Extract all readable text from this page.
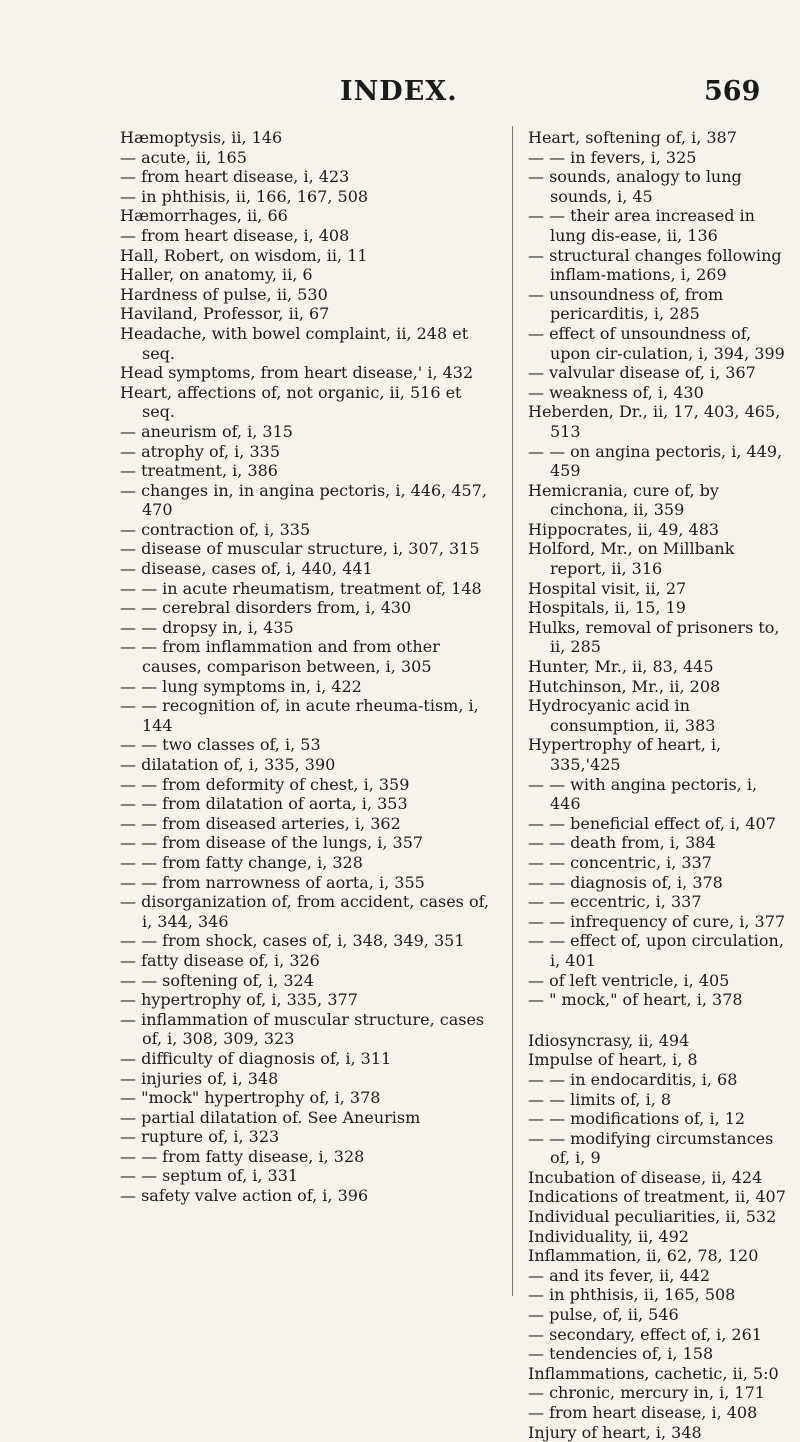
INDEX.	569

Hæmoptysis, ii, 146

— acute, ii, 165

— from heart disease, i, 423

— in phthisis, ii, 166, 167, 508

Hæmorrhages, ii, 66

— from heart disease, i, 408

Hall, Robert, on wisdom, ii, 11

Haller, on anatomy, ii, 6

Hardness of pulse, ii, 530

Haviland, Professor, ii, 67

Headache, with bowel complaint, ii, 248 et seq.

Head symptoms, from heart disease,' i, 432

Heart, affections of, not organic, ii, 516 et seq.

— aneurism of, i, 315

— atrophy of, i, 335

— treatment, i, 386

— changes in, in angina pectoris, i, 446, 457, 470

— contraction of, i, 335

— disease of muscular structure, i, 307, 315

— disease, cases of, i, 440, 441

— — in acute rheumatism, treatment of, 148

— — cerebral disorders from, i, 430

— — dropsy in, i, 435

— — from inflammation and from other causes, comparison between, i, 305

— — lung symptoms in, i, 422

— — recognition of, in acute rheuma-tism, i, 144

— — two classes of, i, 53

— dilatation of, i, 335, 390

— — from deformity of chest, i, 359

— — from dilatation of aorta, i, 353

— — from diseased arteries, i, 362

— — from disease of the lungs, i, 357

— — from fatty change, i, 328

— — from narrowness of aorta, i, 355

— disorganization of, from accident, cases of, i, 344, 346

— — from shock, cases of, i, 348, 349, 351

— fatty disease of, i, 326

— — softening of, i, 324

— hypertrophy of, i, 335, 377

— inflammation of muscular structure, cases of, i, 308, 309, 323

— difficulty of diagnosis of, i, 311

— injuries of, i, 348

— "mock" hypertrophy of, i, 378

— partial dilatation of. See Aneurism

— rupture of, i, 323

— — from fatty disease, i, 328

— — septum of, i, 331

— safety valve action of, i, 396

Heart, softening of, i, 387

— — in fevers, i, 325

— sounds, analogy to lung sounds, i, 45

— — their area increased in lung dis-ease, ii, 136

— structural changes following inflam-mations, i, 269

— unsoundness of, from pericarditis, i, 285

— effect of unsoundness of, upon cir-culation, i, 394, 399

— valvular disease of, i, 367

— weakness of, i, 430

Heberden, Dr., ii, 17, 403, 465, 513

— — on angina pectoris, i, 449, 459

Hemicrania, cure of, by cinchona, ii, 359

Hippocrates, ii, 49, 483

Holford, Mr., on Millbank report, ii, 316

Hospital visit, ii, 27

Hospitals, ii, 15, 19

Hulks, removal of prisoners to, ii, 285

Hunter, Mr., ii, 83, 445

Hutchinson, Mr., ii, 208

Hydrocyanic acid in consumption, ii, 383

Hypertrophy of heart, i, 335,'425

— — with angina pectoris, i, 446

— — beneficial effect of, i, 407

— — death from, i, 384

— — concentric, i, 337

— — diagnosis of, i, 378

— — eccentric, i, 337

— — infrequency of cure, i, 377

— — effect of, upon circulation, i, 401

— of left ventricle, i, 405

— " mock," of heart, i, 378

Idiosyncrasy, ii, 494

Impulse of heart, i, 8

— — in endocarditis, i, 68

— — limits of, i, 8

— — modifications of, i, 12

— — modifying circumstances of, i, 9

Incubation of disease, ii, 424

Indications of treatment, ii, 407

Individual peculiarities, ii, 532

Individuality, ii, 492

Inflammation, ii, 62, 78, 120

— and its fever, ii, 442

— in phthisis, ii, 165, 508

— pulse, of, ii, 546

— secondary, effect of, i, 261

— tendencies of, i, 158

Inflammations, cachetic, ii, 5:0

— chronic, mercury in, i, 171

— from heart disease, i, 408

Injury of heart, i, 348
